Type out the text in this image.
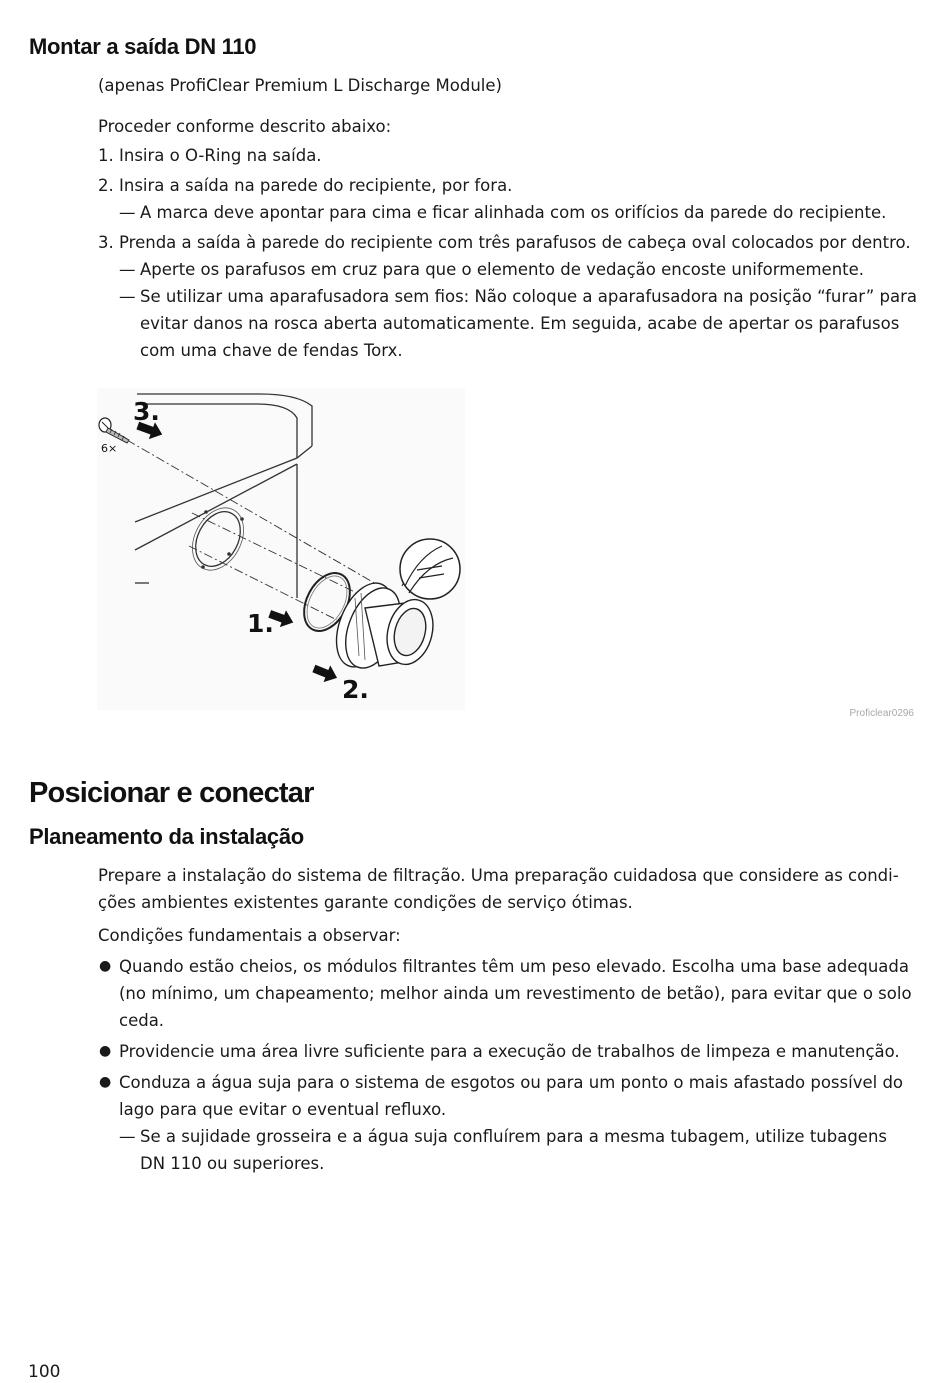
Montar a saída DN 110

(apenas ProfiClear Premium L Discharge Module)

Proceder conforme descrito abaixo:

1. Insira o O-Ring na saída.
2. Insira a saída na parede do recipiente, por fora.
— A marca deve apontar para cima e ficar alinhada com os orifícios da parede do recipiente.
3. Prenda a saída à parede do recipiente com três parafusos de cabeça oval colocados por dentro.
— Aperte os parafusos em cruz para que o elemento de vedação encoste uniformemente.
— Se utilizar uma aparafusadora sem fios: Não coloque a aparafusadora na posição “furar” para
evitar danos na rosca aberta automaticamente. Em seguida, acabe de apertar os parafusos
com uma chave de fendas Torx.
3.
6×
1.
2.
Proficlear0296
Posicionar e conectar
Planeamento da instalação

Prepare a instalação do sistema de filtração. Uma preparação cuidadosa que considere as condi-

ções ambientes existentes garante condições de serviço ótimas.

Condições fundamentais a observar:

● Quando estão cheios, os módulos filtrantes têm um peso elevado. Escolha uma base adequada
(no mínimo, um chapeamento; melhor ainda um revestimento de betão), para evitar que o solo
ceda.
● Providencie uma área livre suficiente para a execução de trabalhos de limpeza e manutenção.
● Conduza a água suja para o sistema de esgotos ou para um ponto o mais afastado possível do
lago para que evitar o eventual refluxo.
— Se a sujidade grosseira e a água suja confluírem para a mesma tubagem, utilize tubagens
DN 110 ou superiores.
100
